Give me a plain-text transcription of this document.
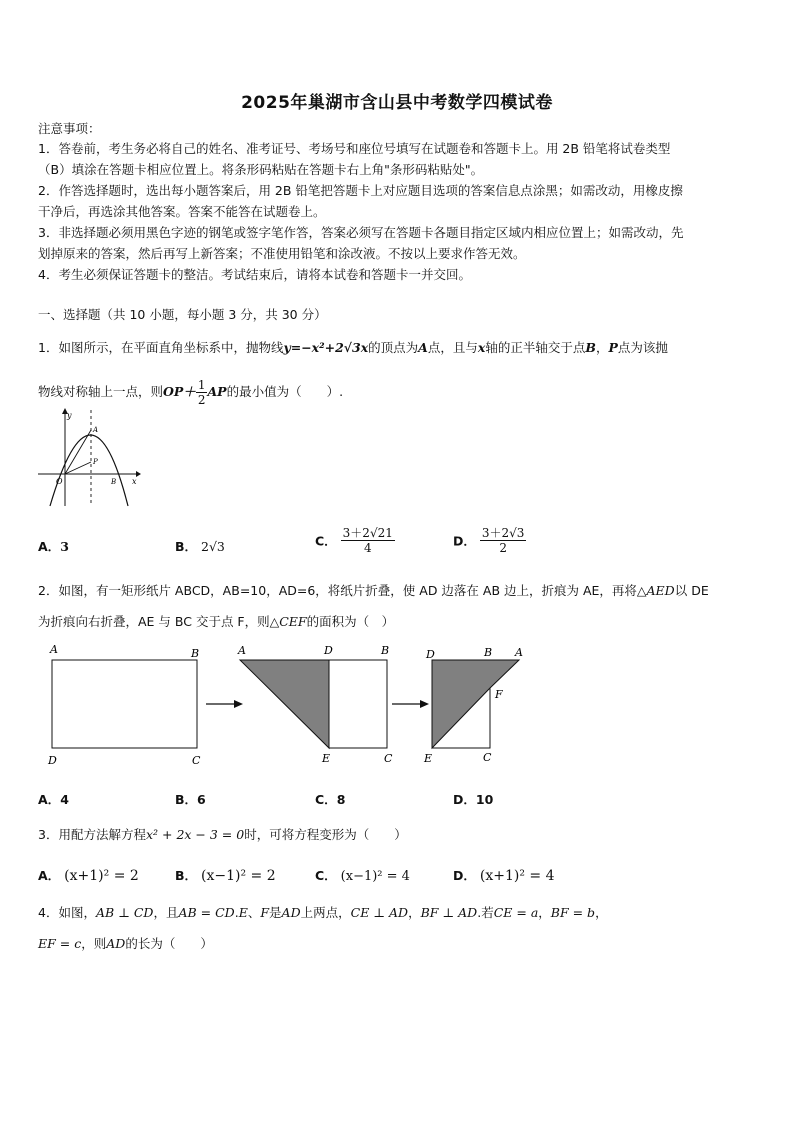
2025年巢湖市含山县中考数学四模试卷
注意事项：
1．答卷前，考生务必将自己的姓名、准考证号、考场号和座位号填写在试题卷和答题卡上。用 2B 铅笔将试卷类型
（B）填涂在答题卡相应位置上。将条形码粘贴在答题卡右上角"条形码粘贴处"。
2．作答选择题时，选出每小题答案后，用 2B 铅笔把答题卡上对应题目选项的答案信息点涂黑；如需改动，用橡皮擦
干净后，再选涂其他答案。答案不能答在试题卷上。
3．非选择题必须用黑色字迹的钢笔或签字笔作答，答案必须写在答题卡各题目指定区域内相应位置上；如需改动，先
划掉原来的答案，然后再写上新答案；不准使用铅笔和涂改液。不按以上要求作答无效。
4．考生必须保证答题卡的整洁。考试结束后，请将本试卷和答题卡一并交回。
一、选择题（共 10 小题，每小题 3 分，共 30 分）
1．如图所示，在平面直角坐标系中，抛物线y=−x²+2√3x的顶点为A点，且与x轴的正半轴交于点B，P点为该抛
物线对称轴上一点，则$OP+ \frac{1}{2}$ AP的最小值为（　　）.
y
x
O
A
P
B
A．3	B． 2√3	C． $\frac{3+2√21}{4}$	D． $\frac{3+2√3}{2}$
2．如图，有一矩形纸片 ABCD，AB=10，AD=6，将纸片折叠，使 AD 边落在 AB 边上，折痕为 AE，再将△AED以 DE
为折痕向右折叠，AE 与 BC 交于点 F，则△CEF的面积为（　）
A	B
C
D
A	D	B
E	C
D	B A
F
E	C
A．4	B．6	C．8	D．10
3．用配方法解方程x² + 2x − 3 = 0时，可将方程变形为（　　）
A． (x+1)² = 2	B． (x−1)² = 2	C． (x−1)² = 4	D． (x+1)² = 4
4．如图，AB ⊥ CD，且AB = CD.E、F是AD上两点，CE ⊥ AD，BF ⊥ AD.若CE = a，BF = b，
EF = c，则AD的长为（　　）
